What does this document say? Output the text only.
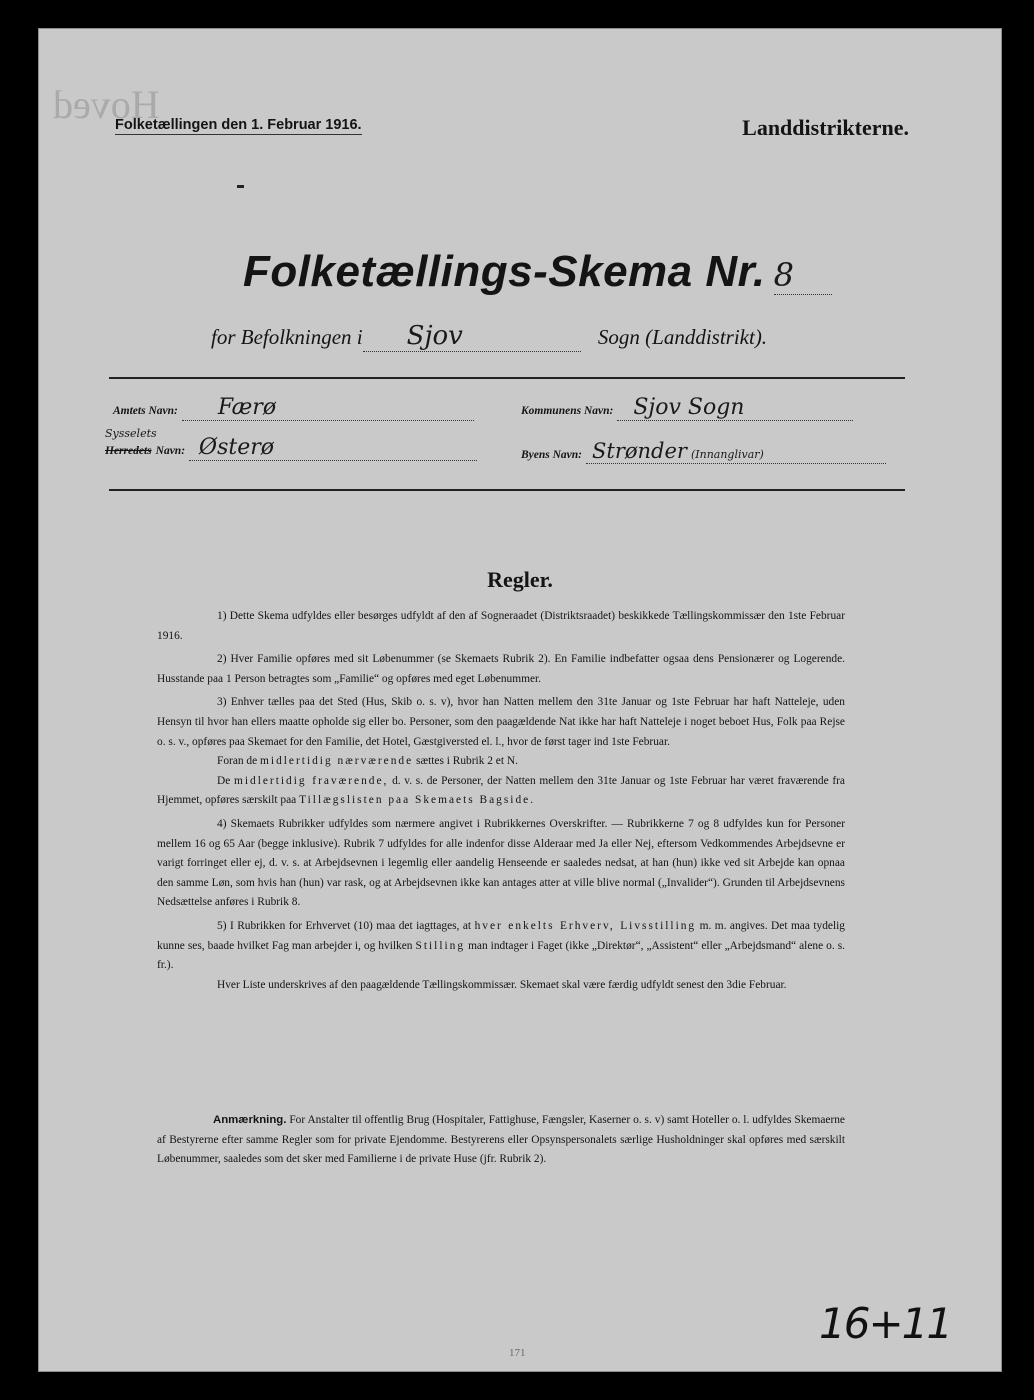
Hoved
Folketællingen den 1. Februar 1916.	Landdistrikterne.
Folketællings-Skema Nr. 8
for Befolkningen i Sjov	Sogn (Landdistrikt).
Amtets Navn: Færø	Kommunens Navn: Sjov Sogn
Sysselets
Herredets Navn: Østerø	Byens Navn: Strønder (Innanglivar)
Regler.

1) Dette Skema udfyldes eller besørges udfyldt af den af Sogneraadet (Distriktsraadet) beskikkede Tællingskommissær den 1ste Februar 1916.

2) Hver Familie opføres med sit Løbenummer (se Skemaets Rubrik 2). En Familie indbefatter ogsaa dens Pensionærer og Logerende. Husstande paa 1 Person betragtes som „Familie“ og opføres med eget Løbenummer.

3) Enhver tælles paa det Sted (Hus, Skib o. s. v), hvor han Natten mellem den 31te Januar og 1ste Februar har haft Natteleje, uden Hensyn til hvor han ellers maatte opholde sig eller bo. Personer, som den paagældende Nat ikke har haft Natteleje i noget beboet Hus, Folk paa Rejse o. s. v., opføres paa Skemaet for den Familie, det Hotel, Gæstgiversted el. l., hvor de først tager ind 1ste Februar.

Foran de midlertidig nærværende sættes i Rubrik 2 et N.

De midlertidig fraværende, d. v. s. de Personer, der Natten mellem den 31te Januar og 1ste Februar har været fraværende fra Hjemmet, opføres særskilt paa Tillægslisten paa Skemaets Bagside.

4) Skemaets Rubrikker udfyldes som nærmere angivet i Rubrikkernes Overskrifter. — Rubrikkerne 7 og 8 udfyldes kun for Personer mellem 16 og 65 Aar (begge inklusive). Rubrik 7 udfyldes for alle indenfor disse Alderaar med Ja eller Nej, eftersom Vedkommendes Arbejdsevne er varigt forringet eller ej, d. v. s. at Arbejdsevnen i legemlig eller aandelig Henseende er saaledes nedsat, at han (hun) ikke ved sit Arbejde kan opnaa den samme Løn, som hvis han (hun) var rask, og at Arbejdsevnen ikke kan antages atter at ville blive normal („Invalider“). Grunden til Arbejdsevnens Nedsættelse anføres i Rubrik 8.

5) I Rubrikken for Erhvervet (10) maa det iagttages, at hver enkelts Erhverv, Livsstilling m. m. angives. Det maa tydelig kunne ses, baade hvilket Fag man arbejder i, og hvilken Stilling man indtager i Faget (ikke „Direktør“, „Assistent“ eller „Arbejdsmand“ alene o. s. fr.).

Hver Liste underskrives af den paagældende Tællingskommissær. Skemaet skal være færdig udfyldt senest den 3die Februar.

Anmærkning. For Anstalter til offentlig Brug (Hospitaler, Fattighuse, Fængsler, Kaserner o. s. v) samt Hoteller o. l. udfyldes Skemaerne af Bestyrerne efter samme Regler som for private Ejendomme. Bestyrerens eller Opsynspersonalets særlige Husholdninger skal opføres med særskilt Løbenummer, saaledes som det sker med Familierne i de private Huse (jfr. Rubrik 2).

16+11
171
